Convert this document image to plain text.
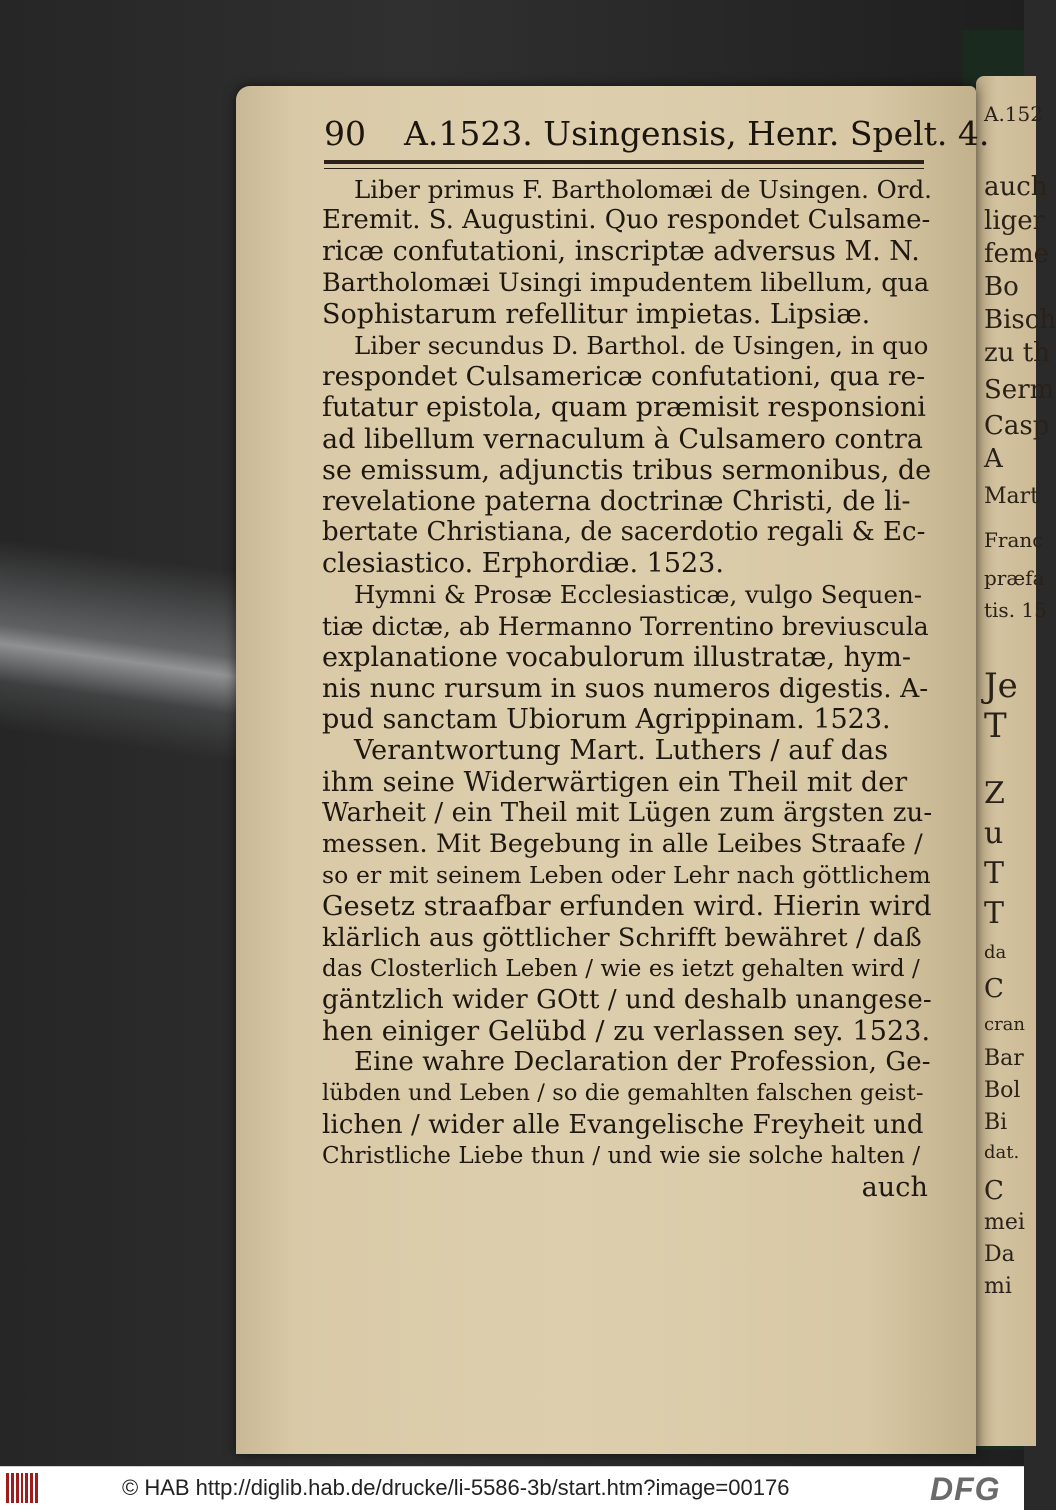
A.152
auch
liger
feme
Bo
Bisch
zu th
Serm
Casp
A
Mart
Franc
præfa
tis. 15
Je
T
Z
u
T
T
da
C
cran
Bar
Bol
Bi
dat.
C
mei
Da
mi
90 A.1523. Usingensis, Henr. Spelt. 4.
Liber primus F. Bartholomæi de Usingen. Ord.
Eremit. S. Augustini. Quo respondet Culsame-
ricæ confutationi, inscriptæ adversus M. N.
Bartholomæi Usingi impudentem libellum, qua
Sophistarum refellitur impietas. Lipsiæ.
Liber secundus D. Barthol. de Usingen, in quo
respondet Culsamericæ confutationi, qua re-
futatur epistola, quam præmisit responsioni
ad libellum vernaculum à Culsamero contra
se emissum, adjunctis tribus sermonibus, de
revelatione paterna doctrinæ Christi, de li-
bertate Christiana, de sacerdotio regali & Ec-
clesiastico. Erphordiæ. 1523.
Hymni & Prosæ Ecclesiasticæ, vulgo Sequen-
tiæ dictæ, ab Hermanno Torrentino breviuscula
explanatione vocabulorum illustratæ, hym-
nis nunc rursum in suos numeros digestis. A-
pud sanctam Ubiorum Agrippinam. 1523.
Verantwortung Mart. Luthers / auf das
ihm seine Widerwärtigen ein Theil mit der
Warheit / ein Theil mit Lügen zum ärgsten zu-
messen. Mit Begebung in alle Leibes Straafe /
so er mit seinem Leben oder Lehr nach göttlichem
Gesetz straafbar erfunden wird. Hierin wird
klärlich aus göttlicher Schrifft bewähret / daß
das Closterlich Leben / wie es ietzt gehalten wird /
gäntzlich wider GOtt / und deshalb unangese-
hen einiger Gelübd / zu verlassen sey. 1523.
Eine wahre Declaration der Profession, Ge-
lübden und Leben / so die gemahlten falschen geist-
lichen / wider alle Evangelische Freyheit und
Christliche Liebe thun / und wie sie solche halten /
auch
© HAB http://diglib.hab.de/drucke/li-5586-3b/start.htm?image=00176	DFG
